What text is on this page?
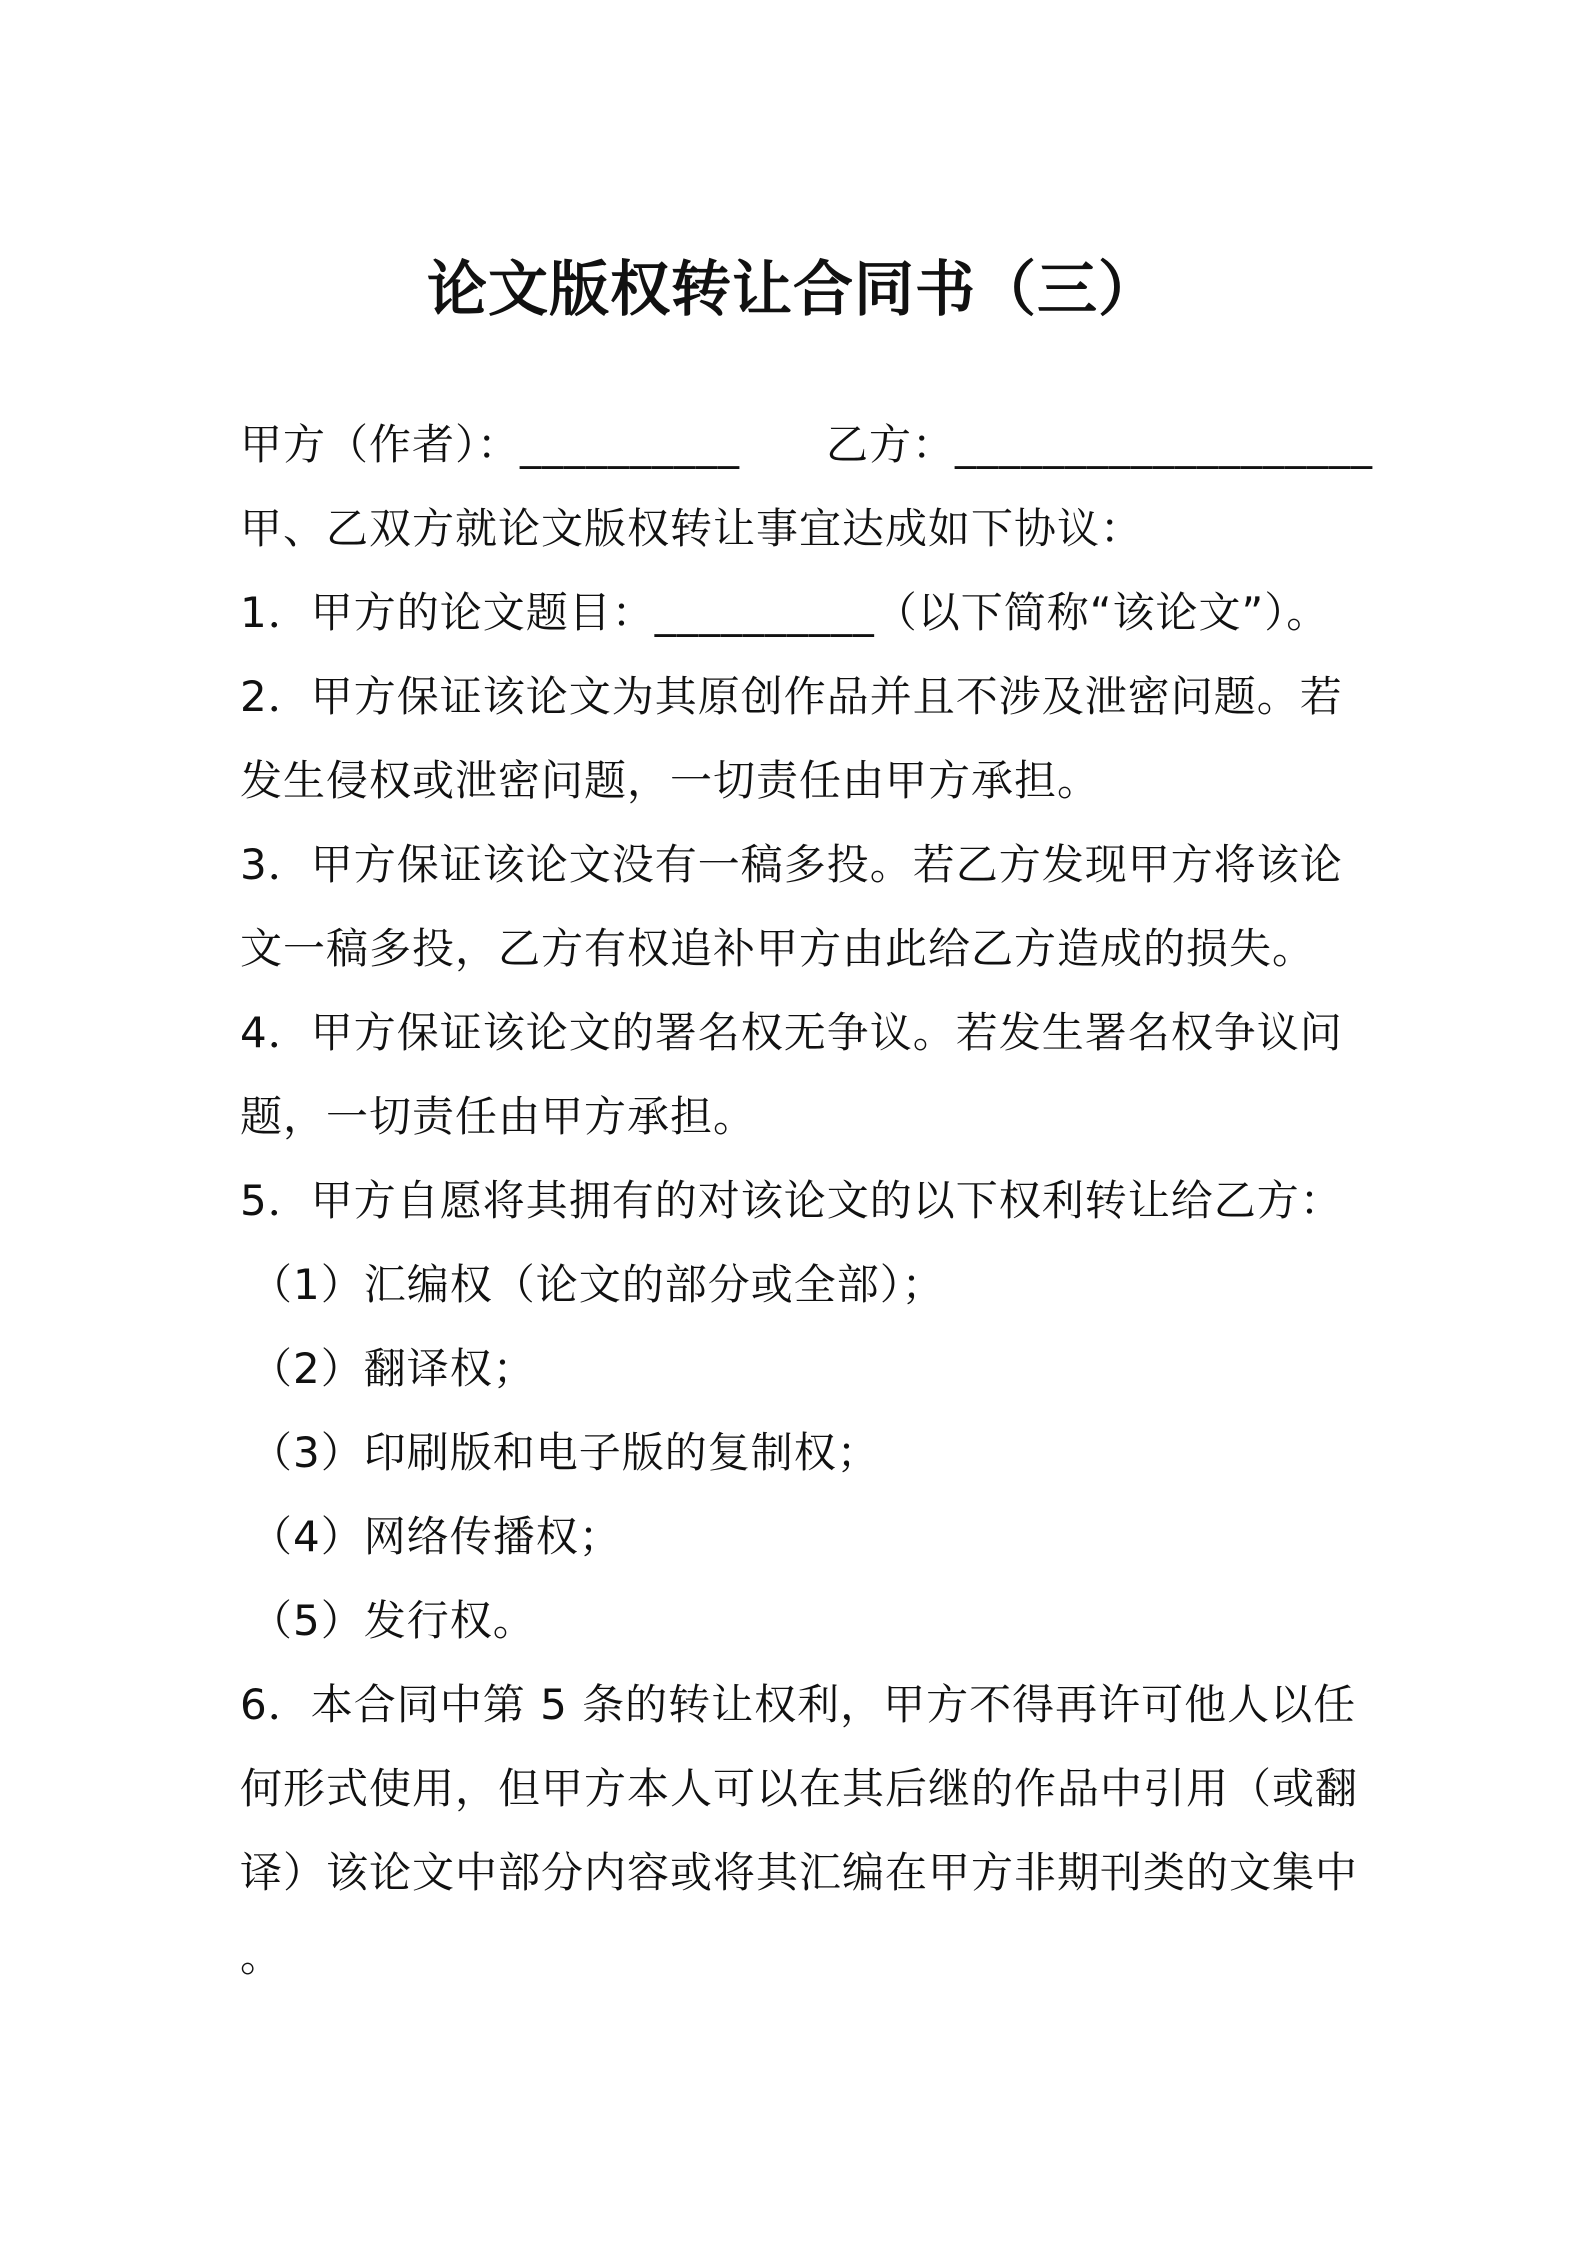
论文版权转让合同书（三）
甲方（作者）：__________ 乙方：___________________
甲、乙双方就论文版权转让事宜达成如下协议：
1．甲方的论文题目：__________（以下简称“该论文”）。
2．甲方保证该论文为其原创作品并且不涉及泄密问题。若
发生侵权或泄密问题，一切责任由甲方承担。
3．甲方保证该论文没有一稿多投。若乙方发现甲方将该论
文一稿多投，乙方有权追补甲方由此给乙方造成的损失。
4．甲方保证该论文的署名权无争议。若发生署名权争议问
题，一切责任由甲方承担。
5．甲方自愿将其拥有的对该论文的以下权利转让给乙方：
（1）汇编权（论文的部分或全部）；
（2）翻译权；
（3）印刷版和电子版的复制权；
（4）网络传播权；
（5）发行权。
6．本合同中第 5 条的转让权利，甲方不得再许可他人以任
何形式使用，但甲方本人可以在其后继的作品中引用（或翻
译）该论文中部分内容或将其汇编在甲方非期刊类的文集中
。
